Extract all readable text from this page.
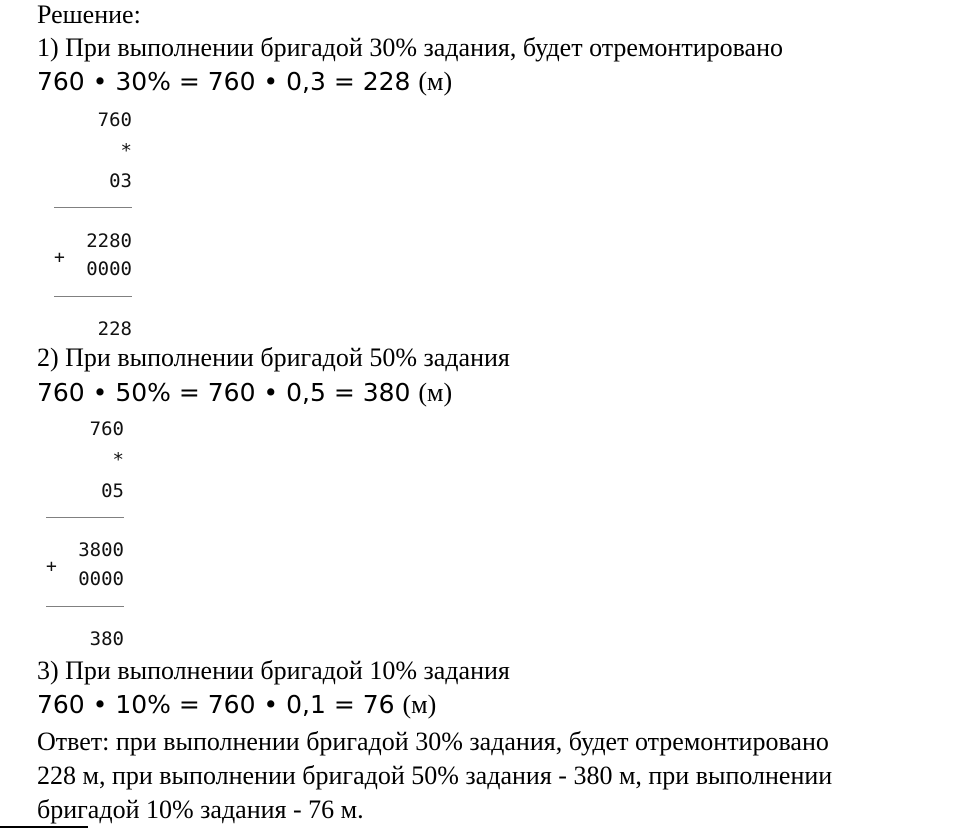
Решение:
1) При выполнении бригадой 30% задания, будет отремонтировано
760 • 30% = 760 • 0,3 = 228 (м)
760
*
03
2280
+
0000
228
2) При выполнении бригадой 50% задания
760 • 50% = 760 • 0,5 = 380 (м)
760
*
05
3800
+
0000
380
3) При выполнении бригадой 10% задания
760 • 10% = 760 • 0,1 = 76 (м)
Ответ: при выполнении бригадой 30% задания, будет отремонтировано
228 м, при выполнении бригадой 50% задания - 380 м, при выполнении
бригадой 10% задания - 76 м.
